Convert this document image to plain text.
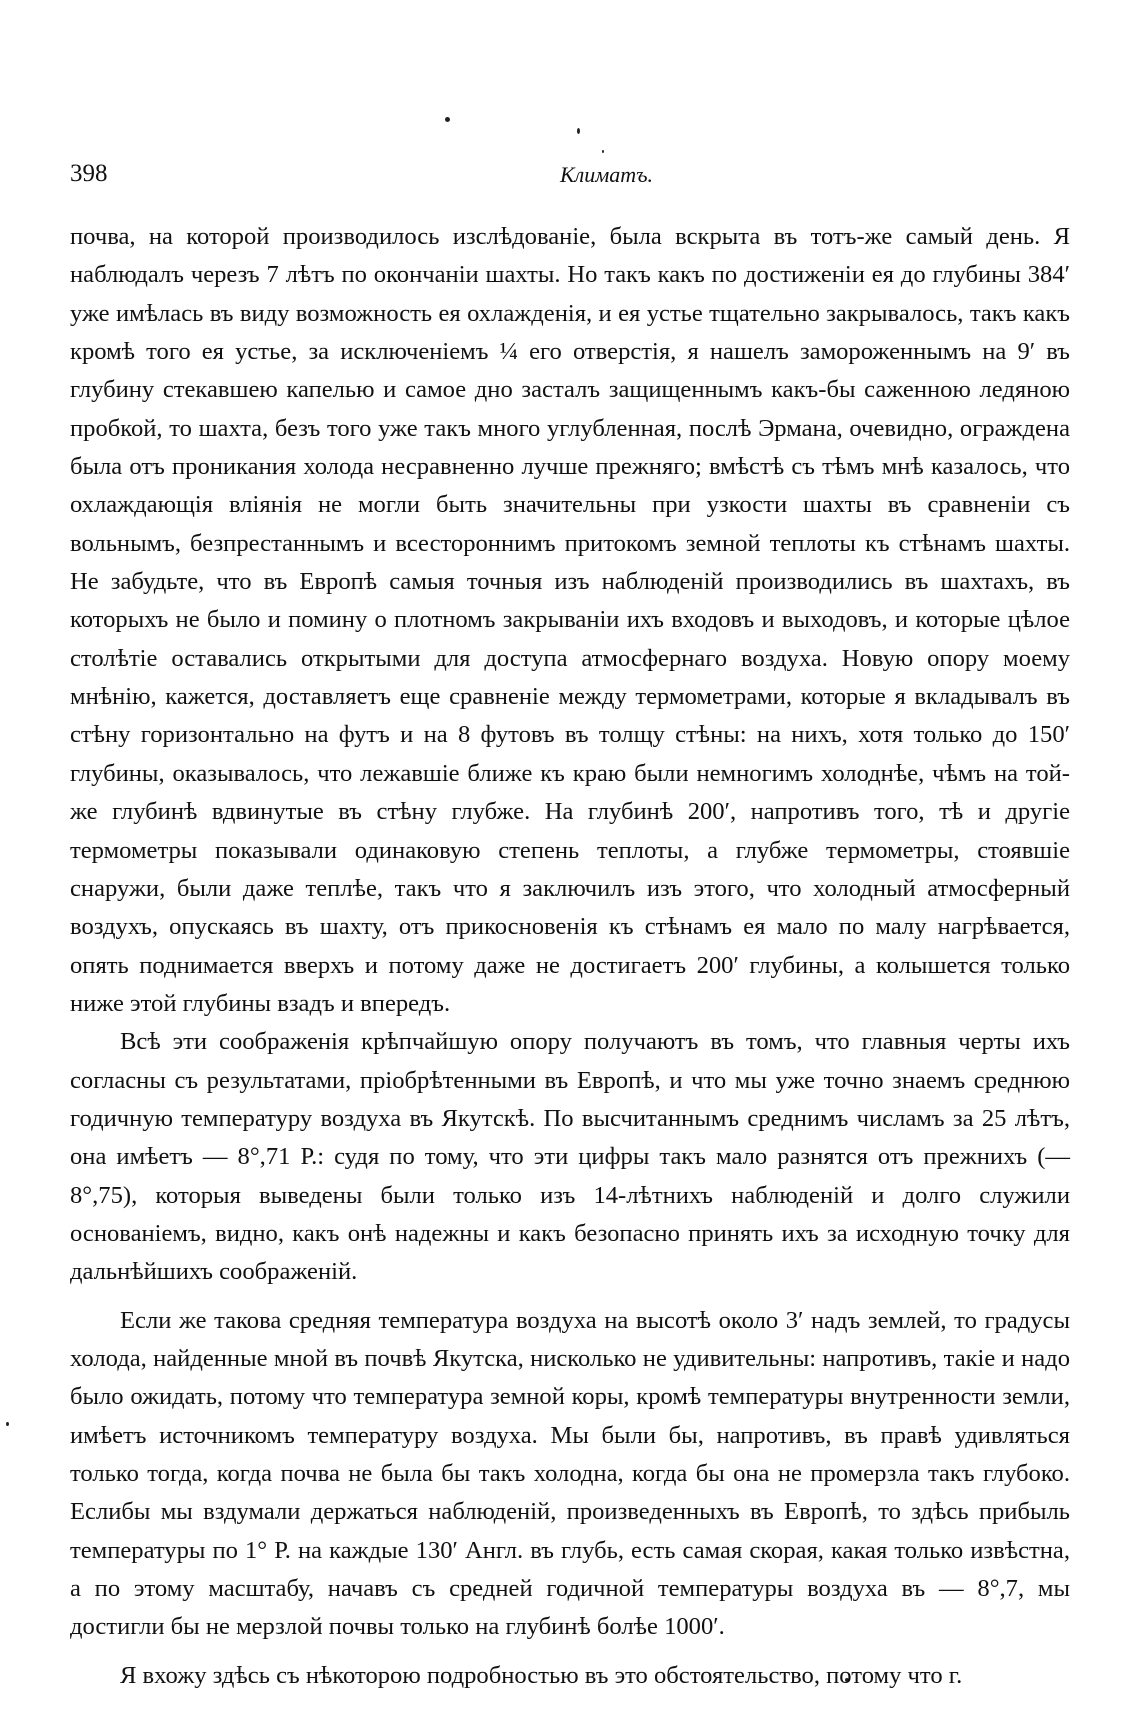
398	Климатъ.

почва, на которой производилось изслѣдованіе, была вскрыта въ тотъ-же самый день. Я наблюдалъ черезъ 7 лѣтъ по окончаніи шахты. Но такъ какъ по достиженіи ея до глубины 384′ уже имѣлась въ виду возможность ея охлажденія, и ея устье тщательно закрывалось, такъ какъ кромѣ того ея устье, за исключеніемъ ¼ его отверстія, я нашелъ замороженнымъ на 9′ въ глубину стекавшею капелью и самое дно засталъ защищеннымъ какъ-бы саженною ледяною пробкой, то шахта, безъ того уже такъ много углубленная, послѣ Эрмана, очевидно, ограждена была отъ проникания холода несравненно лучше прежняго; вмѣстѣ съ тѣмъ мнѣ казалось, что охлаждающія вліянія не могли быть значительны при узкости шахты въ сравненіи съ вольнымъ, безпрестаннымъ и всестороннимъ притокомъ земной теплоты къ стѣнамъ шахты. Не забудьте, что въ Европѣ самыя точныя изъ наблюденій производились въ шахтахъ, въ которыхъ не было и помину о плотномъ закрываніи ихъ входовъ и выходовъ, и которые цѣлое столѣтіе оставались открытыми для доступа атмосфернаго воздуха. Новую опору моему мнѣнію, кажется, доставляетъ еще сравненіе между термометрами, которые я вкладывалъ въ стѣну горизонтально на футъ и на 8 футовъ въ толщу стѣны: на нихъ, хотя только до 150′ глубины, оказывалось, что лежавшіе ближе къ краю были немногимъ холоднѣе, чѣмъ на той-же глубинѣ вдвинутые въ стѣну глубже. На глубинѣ 200′, напротивъ того, тѣ и другіе термометры показывали одинаковую степень теплоты, а глубже термометры, стоявшіе снаружи, были даже теплѣе, такъ что я заключилъ изъ этого, что холодный атмосферный воздухъ, опускаясь въ шахту, отъ прикосновенія къ стѣнамъ ея мало по малу нагрѣвается, опять поднимается вверхъ и потому даже не достигаетъ 200′ глубины, а колышется только ниже этой глубины взадъ и впередъ.

Всѣ эти соображенія крѣпчайшую опору получаютъ въ томъ, что главныя черты ихъ согласны съ результатами, пріобрѣтенными въ Европѣ, и что мы уже точно знаемъ среднюю годичную температуру воздуха въ Якутскѣ. По высчитаннымъ среднимъ числамъ за 25 лѣтъ, она имѣетъ — 8°,71 Р.: судя по тому, что эти цифры такъ мало разнятся отъ прежнихъ (—8°,75), которыя выведены были только изъ 14-лѣтнихъ наблюденій и долго служили основаніемъ, видно, какъ онѣ надежны и какъ безопасно принять ихъ за исходную точку для дальнѣйшихъ соображеній.

Если же такова средняя температура воздуха на высотѣ около 3′ надъ землей, то градусы холода, найденные мной въ почвѣ Якутска, нисколько не удивительны: напротивъ, такіе и надо было ожидать, потому что температура земной коры, кромѣ температуры внутренности земли, имѣетъ источникомъ температуру воздуха. Мы были бы, напротивъ, въ правѣ удивляться только тогда, когда почва не была бы такъ холодна, когда бы она не промерзла такъ глубоко. Еслибы мы вздумали держаться наблюденій, произведенныхъ въ Европѣ, то здѣсь прибыль температуры по 1° Р. на каждые 130′ Англ. въ глубь, есть самая скорая, какая только извѣстна, а по этому масштабу, начавъ съ средней годичной температуры воздуха въ — 8°,7, мы достигли бы не мерзлой почвы только на глубинѣ болѣе 1000′.

Я вхожу здѣсь съ нѣкоторою подробностью въ это обстоятельство, потому что г.
